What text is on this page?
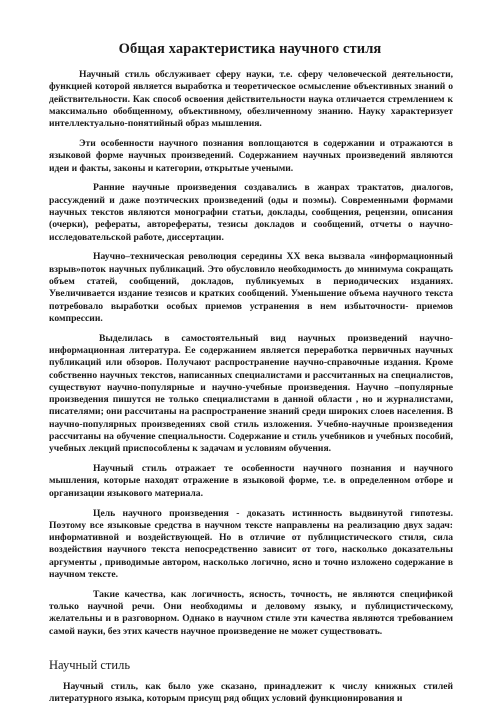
Общая характеристика научного стиля

Научный стиль обслуживает сферу науки, т.е. сферу человеческой деятельности, функцией которой является выработка и теоретическое осмысление объективных знаний о действительности. Как способ освоения действительности наука отличается стремлением к максимально обобщенному, объективному, обезличенному знанию. Науку характеризует интеллектуально-понятийный образ мышления.

Эти особенности научного познания воплощаются в содержании и отражаются в языковой форме научных произведений. Содержанием научных произведений являются идеи и факты, законы и категории, открытые учеными.

Ранние научные произведения создавались в жанрах трактатов, диалогов, рассуждений и даже поэтических произведений (оды и поэмы). Современными формами научных текстов являются монографии статьи, доклады, сообщения, рецензии, описания (очерки), рефераты, авторефераты, тезисы докладов и сообщений, отчеты о научно-исследовательской работе, диссертации.

Научно–техническая революция середины XX века вызвала «информационный взрыв»поток научных публикаций. Это обусловило необходимость до минимума сокращать объем статей, сообщений, докладов, публикуемых в периодических изданиях. Увеличивается издание тезисов и кратких сообщений. Уменьшение объема научного текста потребовало выработки особых приемов устранения в нем избыточности- приемов компрессии.

Выделилась в самостоятельный вид научных произведений научно-информационная литература. Ее содержанием является переработка первичных научных публикаций или обзоров. Получают распространение научно-справочные издания. Кроме собственно научных текстов, написанных специалистами и рассчитанных на специалистов, существуют научно-популярные и научно-учебные произведения. Научно –популярные произведения пишутся не только специалистами в данной области , но и журналистами, писателями; они рассчитаны на распространение знаний среди широких слоев населения. В научно-популярных произведениях свой стиль изложения. Учебно-научные произведения рассчитаны на обучение специальности. Содержание и стиль учебников и учебных пособий, учебных лекций приспособлены к задачам и условиям обучения.

Научный стиль отражает те особенности научного познания и научного мышления, которые находят отражение в языковой форме, т.е. в определенном отборе и организации языкового материала.

Цель научного произведения - доказать истинность выдвинутой гипотезы. Поэтому все языковые средства в научном тексте направлены на реализацию двух задач: информативной и воздействующей. Но в отличие от публицистического стиля, сила воздействия научного текста непосредственно зависит от того, насколько доказательны аргументы , приводимые автором, насколько логично, ясно и точно изложено содержание в научном тексте.

Такие качества, как логичность, ясность, точность, не являются спецификой только научной речи. Они необходимы и деловому языку, и публицистическому, желательны и в разговорном. Однако в научном стиле эти качества являются требованием самой науки, без этих качеств научное произведение не может существовать.

Научный стиль

Научный стиль, как было уже сказано, принадлежит к числу книжных стилей литературного языка, которым присущ ряд общих условий функционирования и
